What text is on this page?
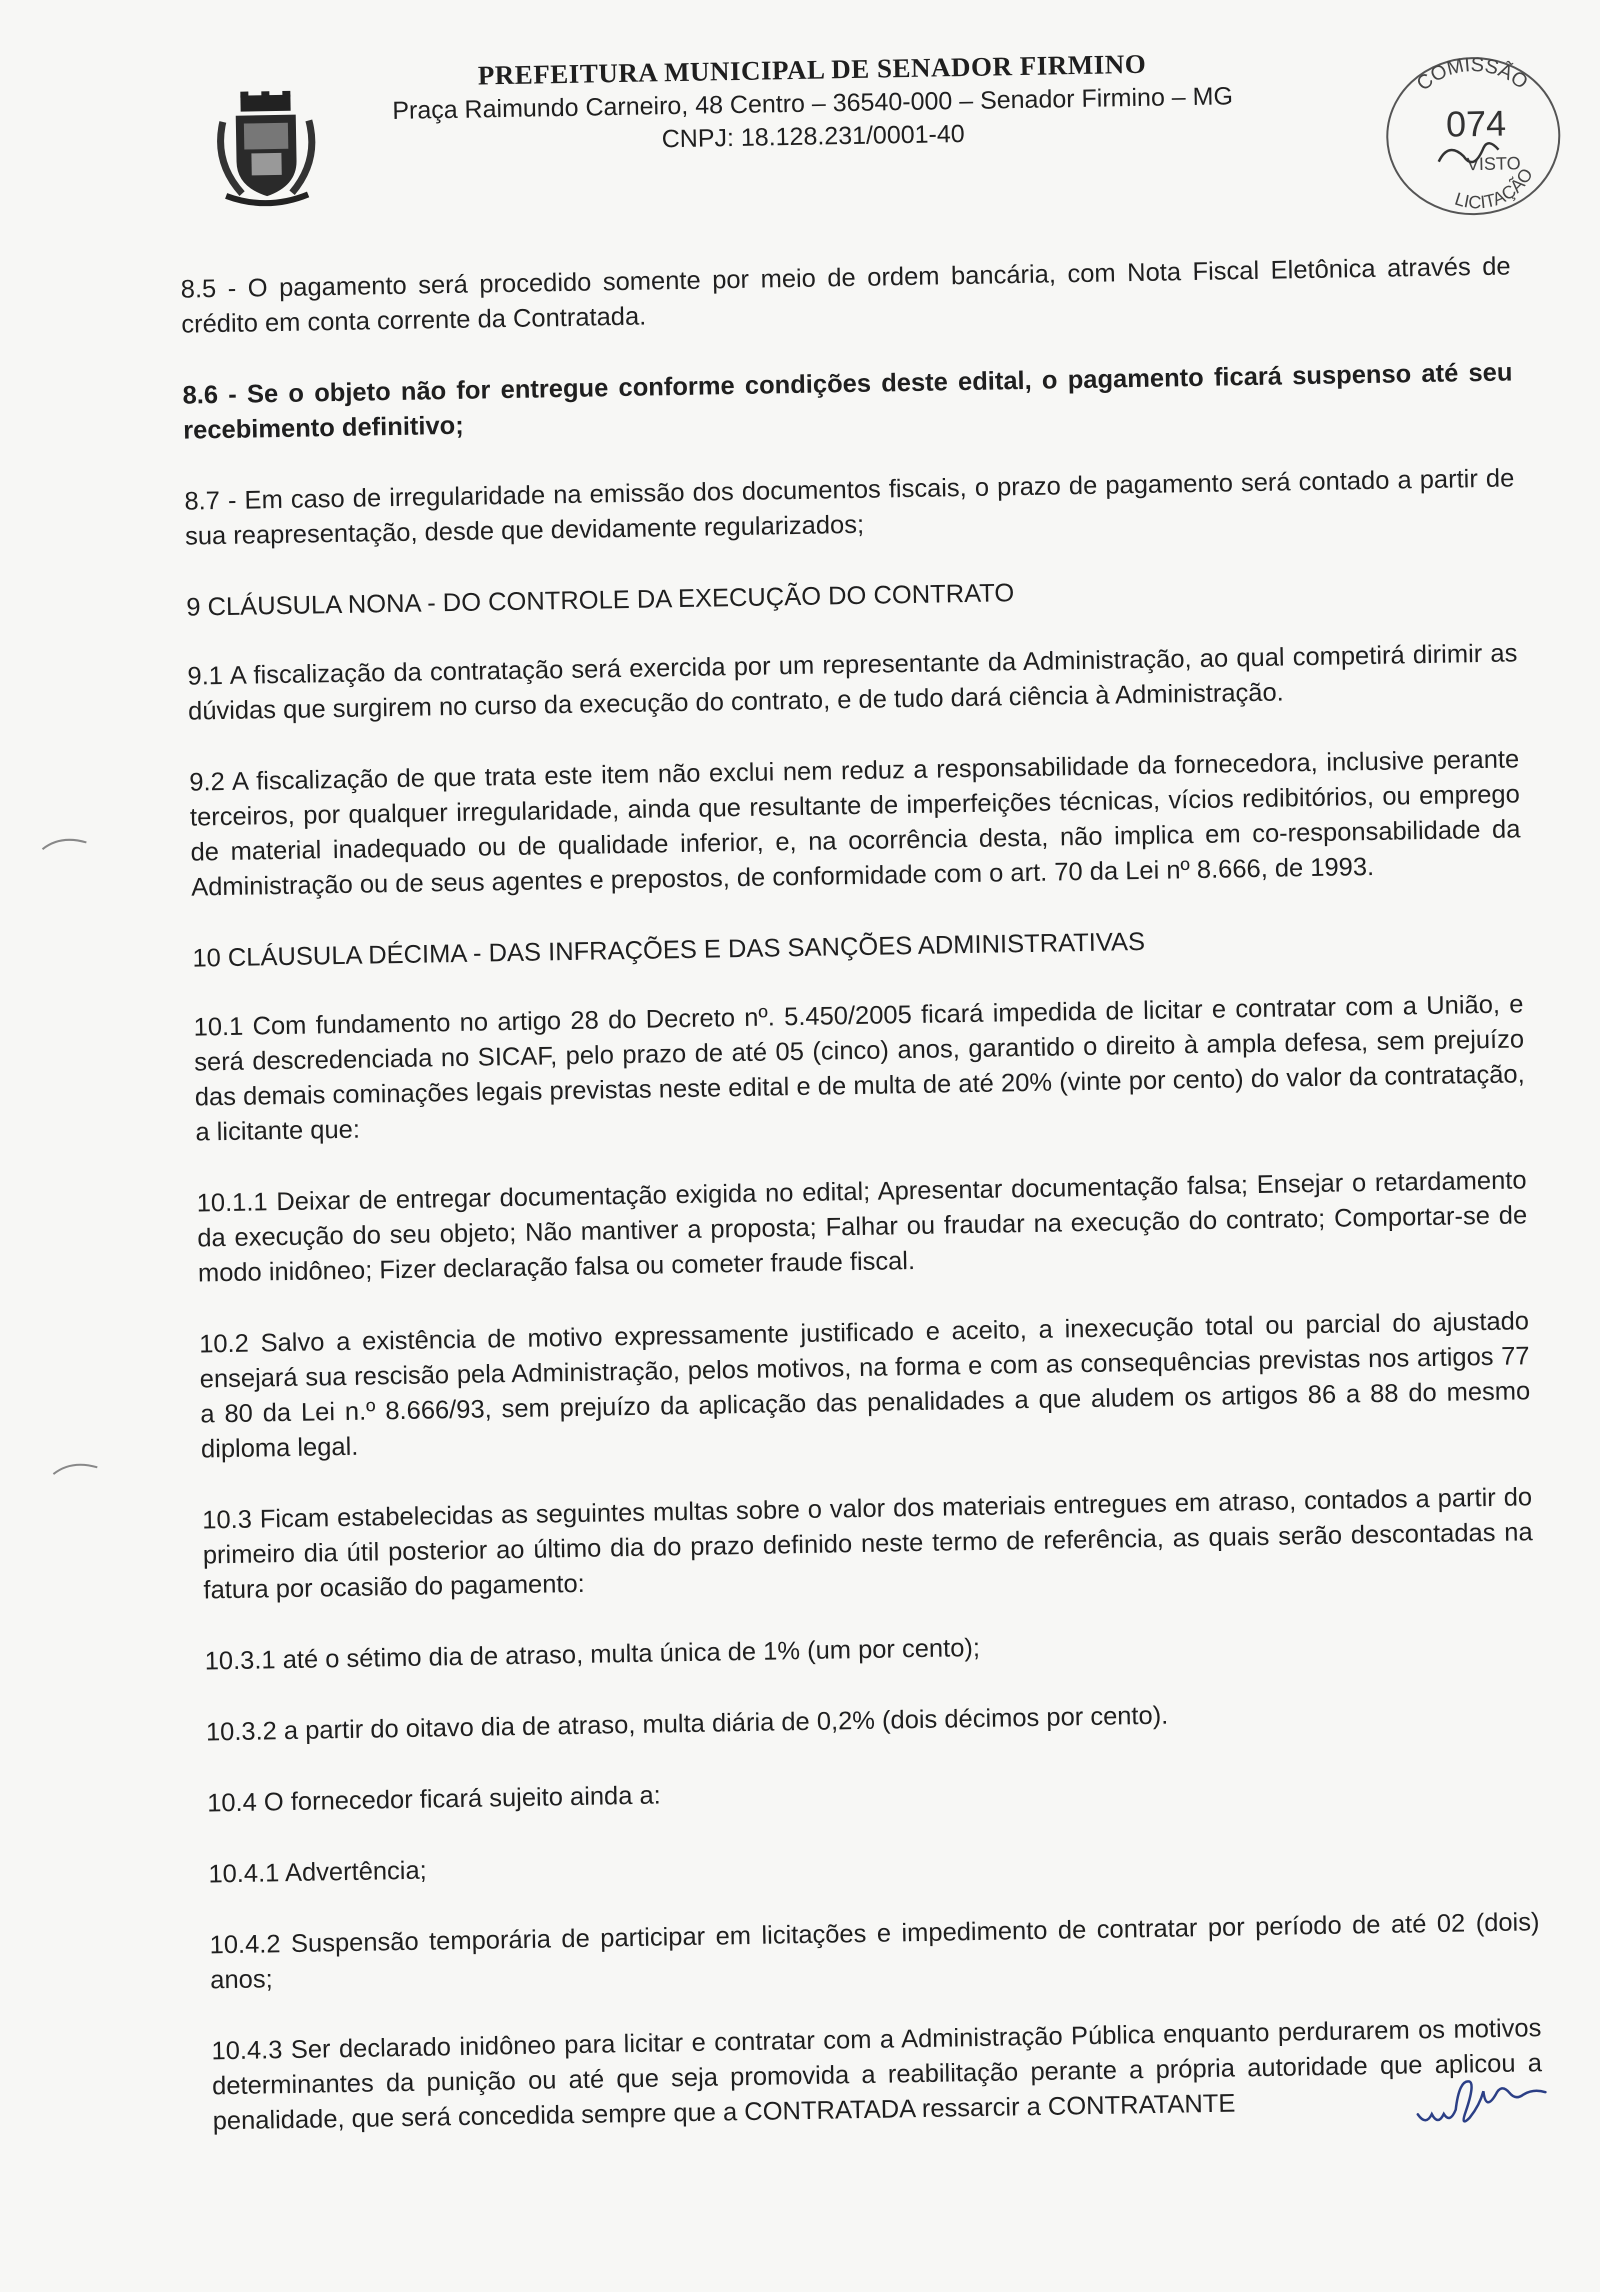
PREFEITURA MUNICIPAL DE SENADOR FIRMINO
Praça Raimundo Carneiro, 48 Centro – 36540-000 – Senador Firmino – MG
CNPJ: 18.128.231/0001-40
COMISSÃO
074
VISTO
LICITAÇÃO

8.5 - O pagamento será procedido somente por meio de ordem bancária, com Nota Fiscal Eletônica através de crédito em conta corrente da Contratada.

8.6 - Se o objeto não for entregue conforme condições deste edital, o pagamento ficará suspenso até seu recebimento definitivo;

8.7 - Em caso de irregularidade na emissão dos documentos fiscais, o prazo de pagamento será contado a partir de sua reapresentação, desde que devidamente regularizados;

9 CLÁUSULA NONA - DO CONTROLE DA EXECUÇÃO DO CONTRATO

9.1 A fiscalização da contratação será exercida por um representante da Administração, ao qual competirá dirimir as dúvidas que surgirem no curso da execução do contrato, e de tudo dará ciência à Administração.

9.2 A fiscalização de que trata este item não exclui nem reduz a responsabilidade da fornecedora, inclusive perante terceiros, por qualquer irregularidade, ainda que resultante de imperfeições técnicas, vícios redibitórios, ou emprego de material inadequado ou de qualidade inferior, e, na ocorrência desta, não implica em co-responsabilidade da Administração ou de seus agentes e prepostos, de conformidade com o art. 70 da Lei nº 8.666, de 1993.

10 CLÁUSULA DÉCIMA - DAS INFRAÇÕES E DAS SANÇÕES ADMINISTRATIVAS

10.1 Com fundamento no artigo 28 do Decreto nº. 5.450/2005 ficará impedida de licitar e contratar com a União, e será descredenciada no SICAF, pelo prazo de até 05 (cinco) anos, garantido o direito à ampla defesa, sem prejuízo das demais cominações legais previstas neste edital e de multa de até 20% (vinte por cento) do valor da contratação, a licitante que:

10.1.1 Deixar de entregar documentação exigida no edital; Apresentar documentação falsa; Ensejar o retardamento da execução do seu objeto; Não mantiver a proposta; Falhar ou fraudar na execução do contrato; Comportar-se de modo inidôneo; Fizer declaração falsa ou cometer fraude fiscal.

10.2 Salvo a existência de motivo expressamente justificado e aceito, a inexecução total ou parcial do ajustado ensejará sua rescisão pela Administração, pelos motivos, na forma e com as consequências previstas nos artigos 77 a 80 da Lei n.º 8.666/93, sem prejuízo da aplicação das penalidades a que aludem os artigos 86 a 88 do mesmo diploma legal.

10.3 Ficam estabelecidas as seguintes multas sobre o valor dos materiais entregues em atraso, contados a partir do primeiro dia útil posterior ao último dia do prazo definido neste termo de referência, as quais serão descontadas na fatura por ocasião do pagamento:

10.3.1 até o sétimo dia de atraso, multa única de 1% (um por cento);

10.3.2 a partir do oitavo dia de atraso, multa diária de 0,2% (dois décimos por cento).

10.4 O fornecedor ficará sujeito ainda a:

10.4.1 Advertência;

10.4.2 Suspensão temporária de participar em licitações e impedimento de contratar por período de até 02 (dois) anos;

10.4.3 Ser declarado inidôneo para licitar e contratar com a Administração Pública enquanto perdurarem os motivos determinantes da punição ou até que seja promovida a reabilitação perante a própria autoridade que aplicou a penalidade, que será concedida sempre que a CONTRATADA ressarcir a CONTRATANTE
